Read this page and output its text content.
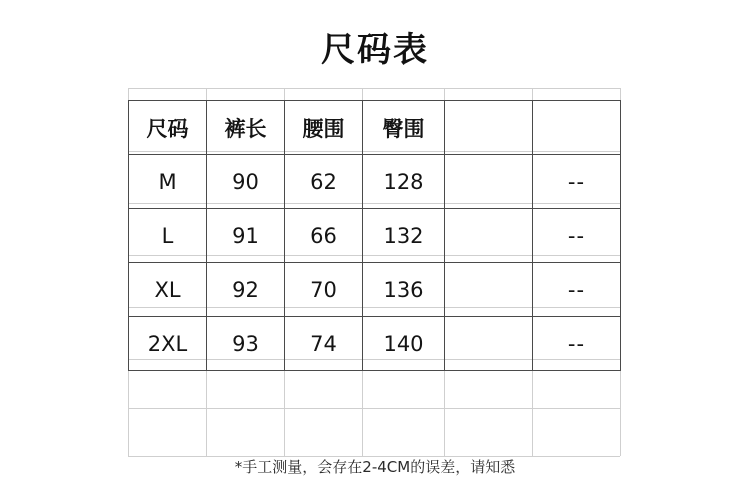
尺码表
尺码	裤长	腰围	臀围		
M	90	62	128		--
L	91	66	132		--
XL	92	70	136		--
2XL	93	74	140		--
*手工测量，会存在2-4CM的误差，请知悉
